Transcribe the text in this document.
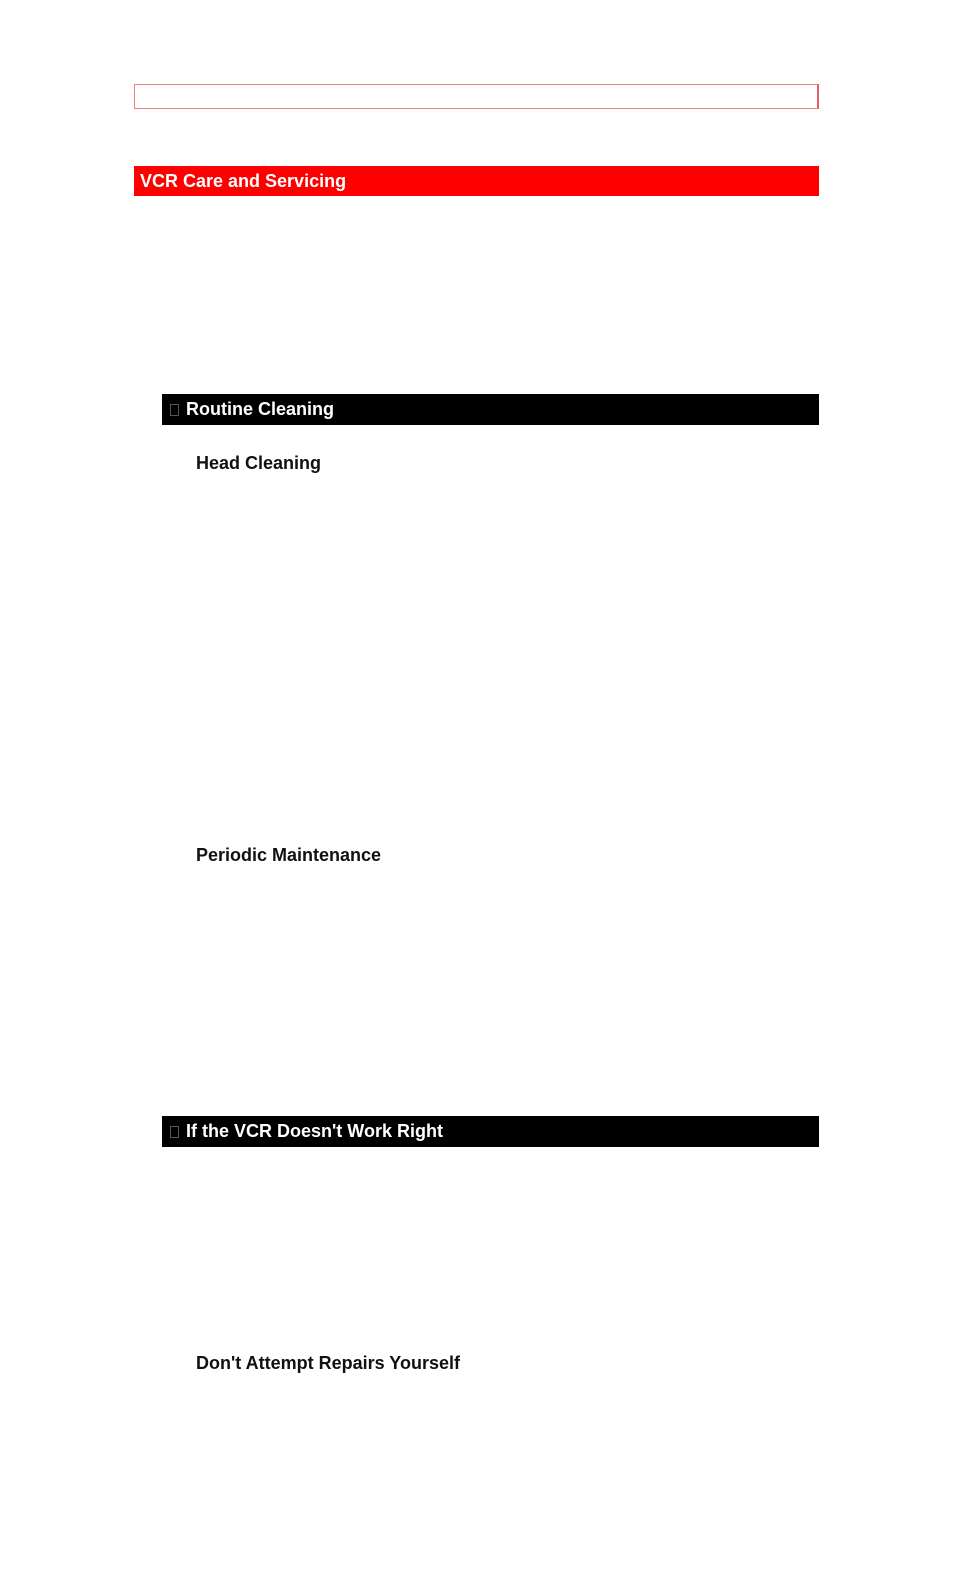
VCR Care and Servicing
Routine Cleaning
Head Cleaning
Periodic Maintenance
If the VCR Doesn't Work Right
Don't Attempt Repairs Yourself
